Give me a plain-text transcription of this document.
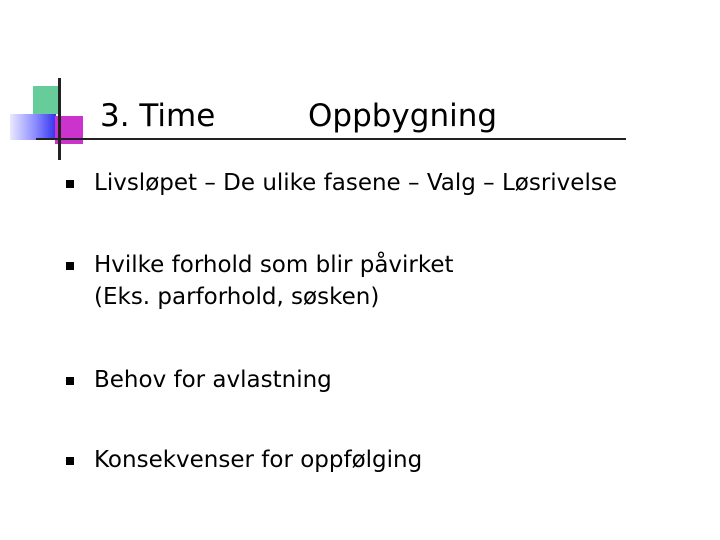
3. Time	Oppbygning
Livsløpet – De ulike fasene – Valg – Løsrivelse
Hvilke forhold som blir påvirket
(Eks. parforhold, søsken)
Behov for avlastning
Konsekvenser for oppfølging
